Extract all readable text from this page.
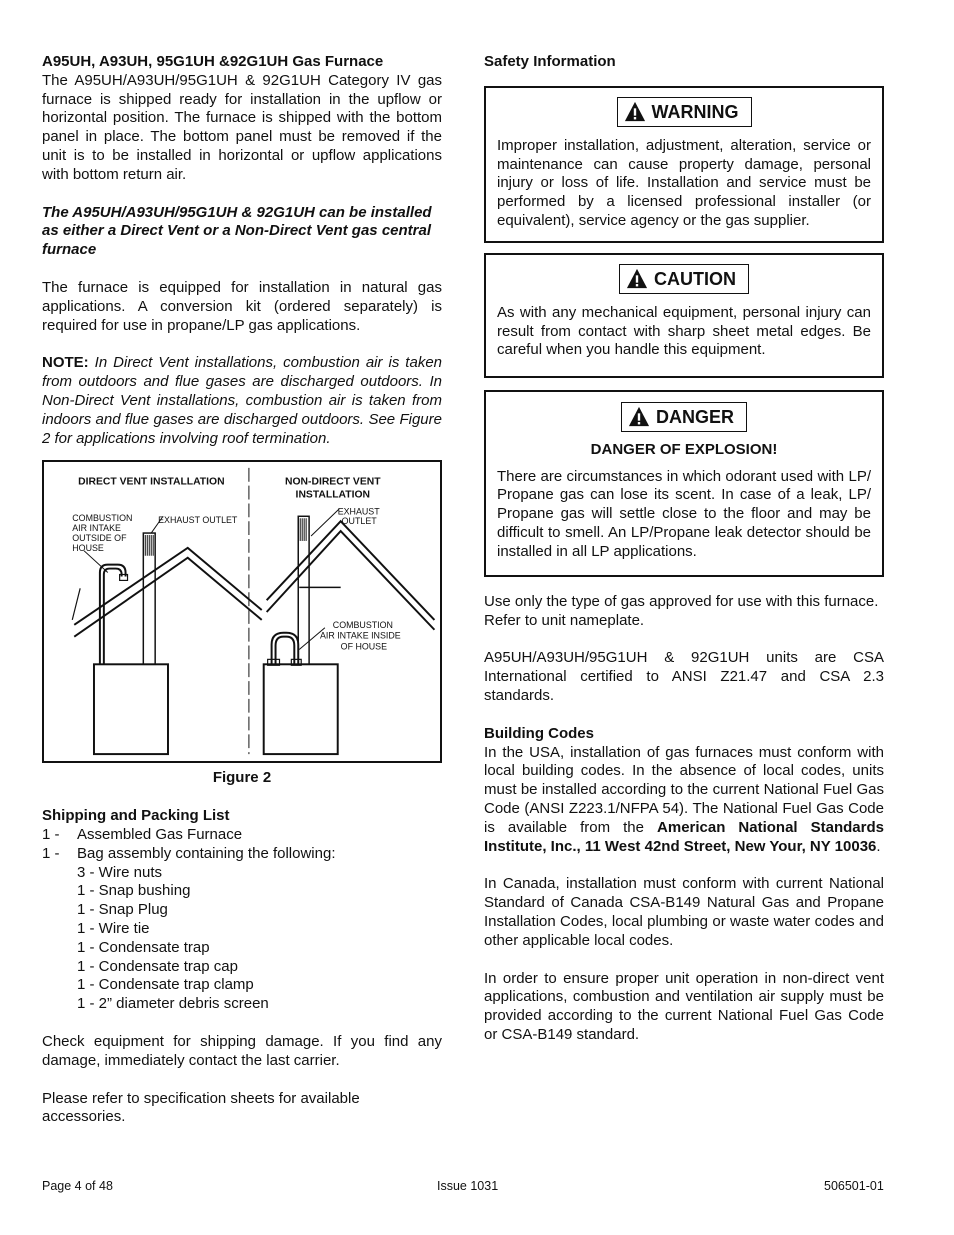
A95UH, A93UH, 95G1UH &92G1UH Gas Furnace

The A95UH/A93UH/95G1UH & 92G1UH Category IV gas furnace is shipped ready for installation in the upflow or horizontal position. The furnace is shipped with the bottom panel in place. The bottom panel must be removed if the unit is to be installed in horizontal or upflow applications with bottom return air.

The A95UH/A93UH/95G1UH & 92G1UH can be installed as either a Direct Vent or a Non-Direct Vent gas central furnace

The furnace is equipped for installation in natural gas applications. A conversion kit (ordered separately) is required for use in propane/LP gas applications.

NOTE: In Direct Vent installations, combustion air is taken from outdoors and flue gases are discharged outdoors. In Non-Direct Vent installations, combustion air is taken from indoors and flue gases are discharged outdoors. See Figure 2 for applications involving roof termination.

DIRECT VENT INSTALLATION	NON-DIRECT VENT
INSTALLATION
COMBUSTION
AIR INTAKE
OUTSIDE OF
HOUSE
EXHAUST OUTLET
EXHAUST
OUTLET
COMBUSTION
AIR INTAKE INSIDE
OF HOUSE

Figure 2

Shipping and Packing List

1 -	Assembled Gas Furnace
1 -	Bag assembly containing the following:

3 - Wire nuts

1 - Snap bushing

1 - Snap Plug

1 - Wire tie

1 - Condensate trap

1 - Condensate trap cap

1 - Condensate trap clamp

1 - 2” diameter debris screen

Check equipment for shipping damage. If you find any damage, immediately contact the last carrier.

Please refer to specification sheets for available accessories.

Safety Information

WARNING

Improper installation, adjustment, alteration, service or maintenance can cause property damage, personal injury or loss of life. Installation and service must be performed by a licensed professional installer (or equivalent), service agency or the gas supplier.

CAUTION

As with any mechanical equipment, personal injury can result from contact with sharp sheet metal edges. Be careful when you handle this equipment.

DANGER

DANGER OF EXPLOSION!

There are circumstances in which odorant used with LP/ Propane gas can lose its scent. In case of a leak, LP/ Propane gas will settle close to the floor and may be difficult to smell. An LP/Propane leak detector should be installed in all LP applications.

Use only the type of gas approved for use with this furnace. Refer to unit nameplate.

A95UH/A93UH/95G1UH & 92G1UH units are CSA International certified to ANSI Z21.47 and CSA 2.3 standards.

Building Codes

In the USA, installation of gas furnaces must conform with local building codes. In the absence of local codes, units must be installed according to the current National Fuel Gas Code (ANSI Z223.1/NFPA 54). The National Fuel Gas Code is available from the American National Standards Institute, Inc., 11 West 42nd Street, New Your, NY 10036.

In Canada, installation must conform with current National Standard of Canada CSA-B149 Natural Gas and Propane Installation Codes, local plumbing or waste water codes and other applicable local codes.

In order to ensure proper unit operation in non-direct vent applications, combustion and ventilation air supply must be provided according to the current National Fuel Gas Code or CSA-B149 standard.

Page 4 of 48	Issue 1031	506501-01
